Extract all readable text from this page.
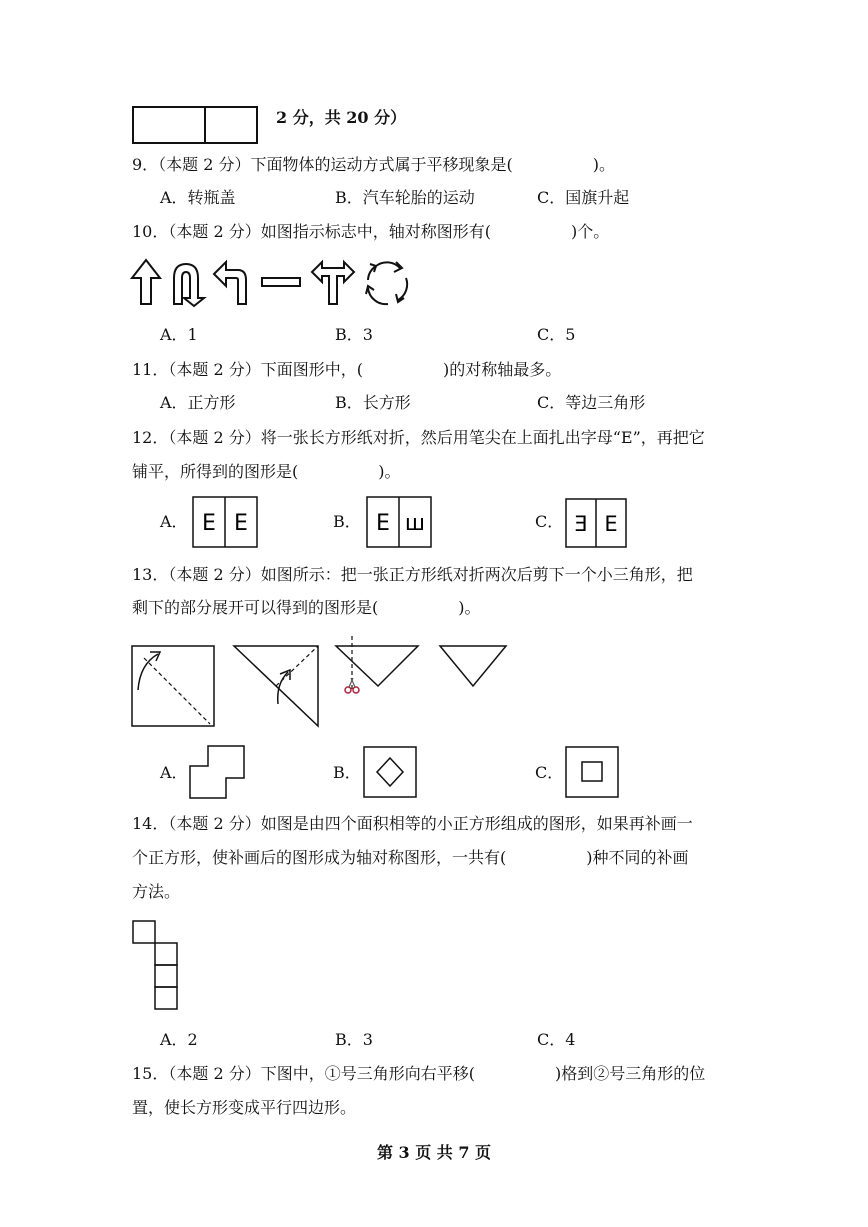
2 分，共 20 分）
9．（本题 2 分）下面物体的运动方式属于平移现象是(　　　　　)。
A．转瓶盖	B．汽车轮胎的运动	C．国旗升起
10．（本题 2 分）如图指示标志中，轴对称图形有(　　　　　)个。
A．1	B．3	C．5
11．（本题 2 分）下面图形中，(　　　　　)的对称轴最多。
A．正方形	B．长方形	C．等边三角形
12．（本题 2 分）将一张长方形纸对折，然后用笔尖在上面扎出字母“E”，再把它
铺平，所得到的图形是(　　　　　)。
A． E E	B． E ш	C． Ǝ E
13．（本题 2 分）如图所示：把一张正方形纸对折两次后剪下一个小三角形，把
剩下的部分展开可以得到的图形是(　　　　　)。
A．	B．	C．
14．（本题 2 分）如图是由四个面积相等的小正方形组成的图形，如果再补画一
个正方形，使补画后的图形成为轴对称图形，一共有(　　　　　)种不同的补画
方法。
A．2	B．3	C．4
15．（本题 2 分）下图中，①号三角形向右平移(　　　　　)格到②号三角形的位
置，使长方形变成平行四边形。
第 3 页 共 7 页
